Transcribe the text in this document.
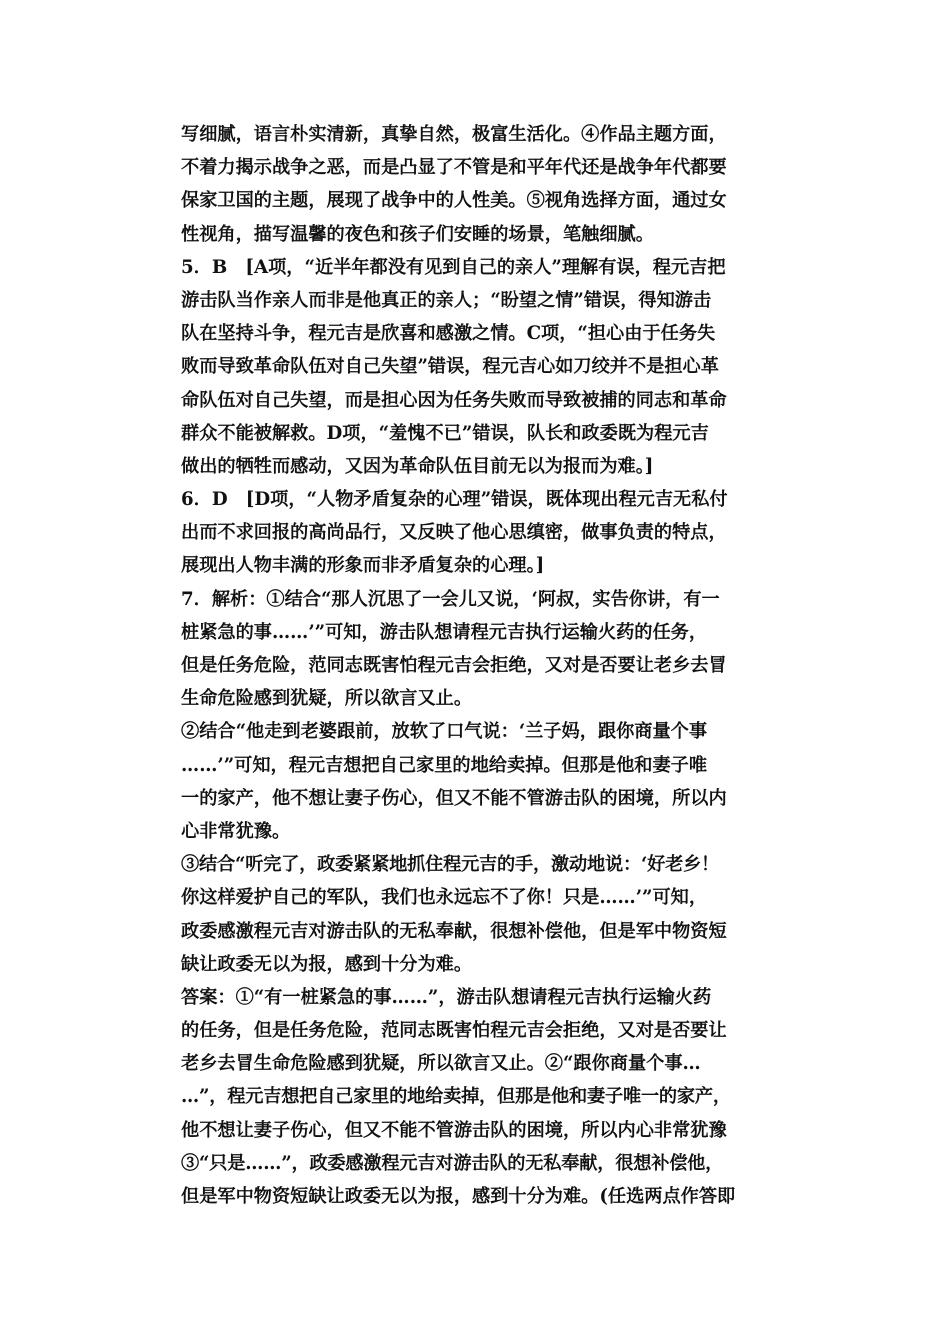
写细腻，语言朴实清新，真挚自然，极富生活化。④作品主题方面，
不着力揭示战争之恶，而是凸显了不管是和平年代还是战争年代都要
保家卫国的主题，展现了战争中的人性美。⑤视角选择方面，通过女
性视角，描写温馨的夜色和孩子们安睡的场景，笔触细腻。
5．B　[A项，“近半年都没有见到自己的亲人”理解有误，程元吉把
游击队当作亲人而非是他真正的亲人；“盼望之情”错误，得知游击
队在坚持斗争，程元吉是欣喜和感激之情。C项，“担心由于任务失
败而导致革命队伍对自己失望”错误，程元吉心如刀绞并不是担心革
命队伍对自己失望，而是担心因为任务失败而导致被捕的同志和革命
群众不能被解救。D项，“羞愧不已”错误，队长和政委既为程元吉
做出的牺牲而感动，又因为革命队伍目前无以为报而为难。]
6．D　[D项，“人物矛盾复杂的心理”错误，既体现出程元吉无私付
出而不求回报的高尚品行，又反映了他心思缜密，做事负责的特点，
展现出人物丰满的形象而非矛盾复杂的心理。]
7．解析：①结合“那人沉思了一会儿又说，‘阿叔，实告你讲，有一
桩紧急的事……’”可知，游击队想请程元吉执行运输火药的任务，
但是任务危险，范同志既害怕程元吉会拒绝，又对是否要让老乡去冒
生命危险感到犹疑，所以欲言又止。
②结合“他走到老婆跟前，放软了口气说：‘兰子妈，跟你商量个事
……’”可知，程元吉想把自己家里的地给卖掉。但那是他和妻子唯
一的家产，他不想让妻子伤心，但又不能不管游击队的困境，所以内
心非常犹豫。
③结合“听完了，政委紧紧地抓住程元吉的手，激动地说：‘好老乡！
你这样爱护自己的军队，我们也永远忘不了你！只是……’”可知，
政委感激程元吉对游击队的无私奉献，很想补偿他，但是军中物资短
缺让政委无以为报，感到十分为难。
答案：①“有一桩紧急的事……”，游击队想请程元吉执行运输火药
的任务，但是任务危险，范同志既害怕程元吉会拒绝，又对是否要让
老乡去冒生命危险感到犹疑，所以欲言又止。②“跟你商量个事…
…”，程元吉想把自己家里的地给卖掉，但那是他和妻子唯一的家产，
他不想让妻子伤心，但又不能不管游击队的困境，所以内心非常犹豫
③“只是……”，政委感激程元吉对游击队的无私奉献，很想补偿他，
但是军中物资短缺让政委无以为报，感到十分为难。(任选两点作答即
